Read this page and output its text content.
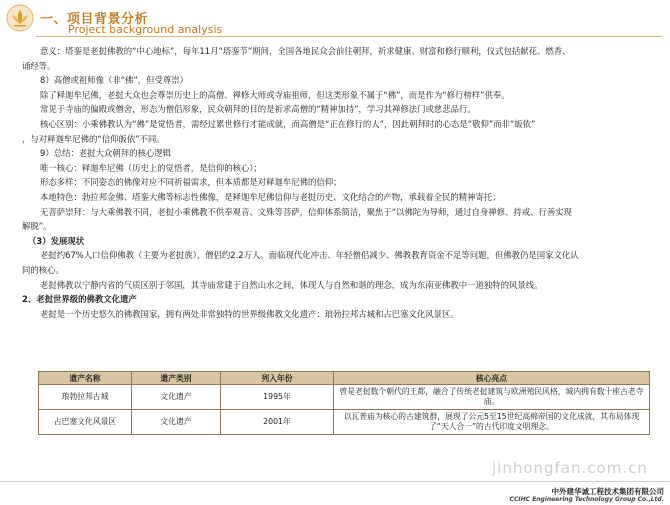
一、项目背景分析
Project background analysis

意义：塔銮是老挝佛教的“中心地标”，每年11月“塔銮节”期间，全国各地民众会前往朝拜，祈求健康、财富和修行顺利，仪式包括献花、燃香、

诵经等。

8）高僧或祖师像（非“佛”，但受尊崇）

除了释迦牟尼佛，老挝大众也会尊崇历史上的高僧、禅修大师或寺庙祖师，但这类形象不属于“佛”，而是作为“修行榜样”供奉。

常见于寺庙的偏殿或僧舍，形态为僧侣形象，民众朝拜的目的是祈求高僧的“精神加持”，学习其禅修法门或慈悲品行。

核心区别：小乘佛教认为“佛”是觉悟者，需经过累世修行才能成就，而高僧是“正在修行的人”，因此朝拜时的心态是“敬仰”而非“皈依”

，与对释迦牟尼佛的“信仰皈依”不同。

9）总结：老挝大众朝拜的核心逻辑

唯一核心：释迦牟尼佛（历史上的觉悟者，是信仰的核心）；

形态多样：不同姿态的佛像对应不同祈福需求，但本质都是对释迦牟尼佛的信仰；

本地特色：勃拉邦金佛、塔銮大佛等标志性佛像，是释迦牟尼佛信仰与老挝历史、文化结合的产物，承载着全民的精神寄托；

无菩萨崇拜：与大乘佛教不同，老挝小乘佛教不供奉观音、文殊等菩萨，信仰体系简洁，聚焦于“以佛陀为导师，通过自身禅修、持戒、行善实现

解脱”。

（3）发展现状

老挝约67%人口信仰佛教（主要为老挝族），僧侣约2.2万人。面临现代化冲击、年轻僧侣减少、佛教教育资金不足等问题，但佛教仍是国家文化认

同的核心。

老挝佛教以宁静内省的气质区别于邻国，其寺庙常建于自然山水之间，体现人与自然和谐的理念，成为东南亚佛教中一道独特的风景线。

2、老挝世界级的佛教文化遗产

老挝是一个历史悠久的佛教国家，拥有两处非常独特的世界级佛教文化遗产：琅勃拉邦古城和占巴塞文化风景区。

遗产名称	遗产类别	列入年份	核心亮点
琅勃拉邦古城	文化遗产	1995年	曾是老挝数个朝代的王都，融合了传统老挝建筑与欧洲殖民风格，城内拥有数十座古老寺庙。
占巴塞文化风景区	文化遗产	2001年	以瓦普庙为核心的古建筑群，展现了公元5至15世纪高棉帝国的文化成就，其布局体现了“天人合一”的古代印度文明理念。
jinhongfan.com.cn
中外建华诚工程技术集团有限公司
CCIHC Engineering Technology Group Co.,Ltd.
